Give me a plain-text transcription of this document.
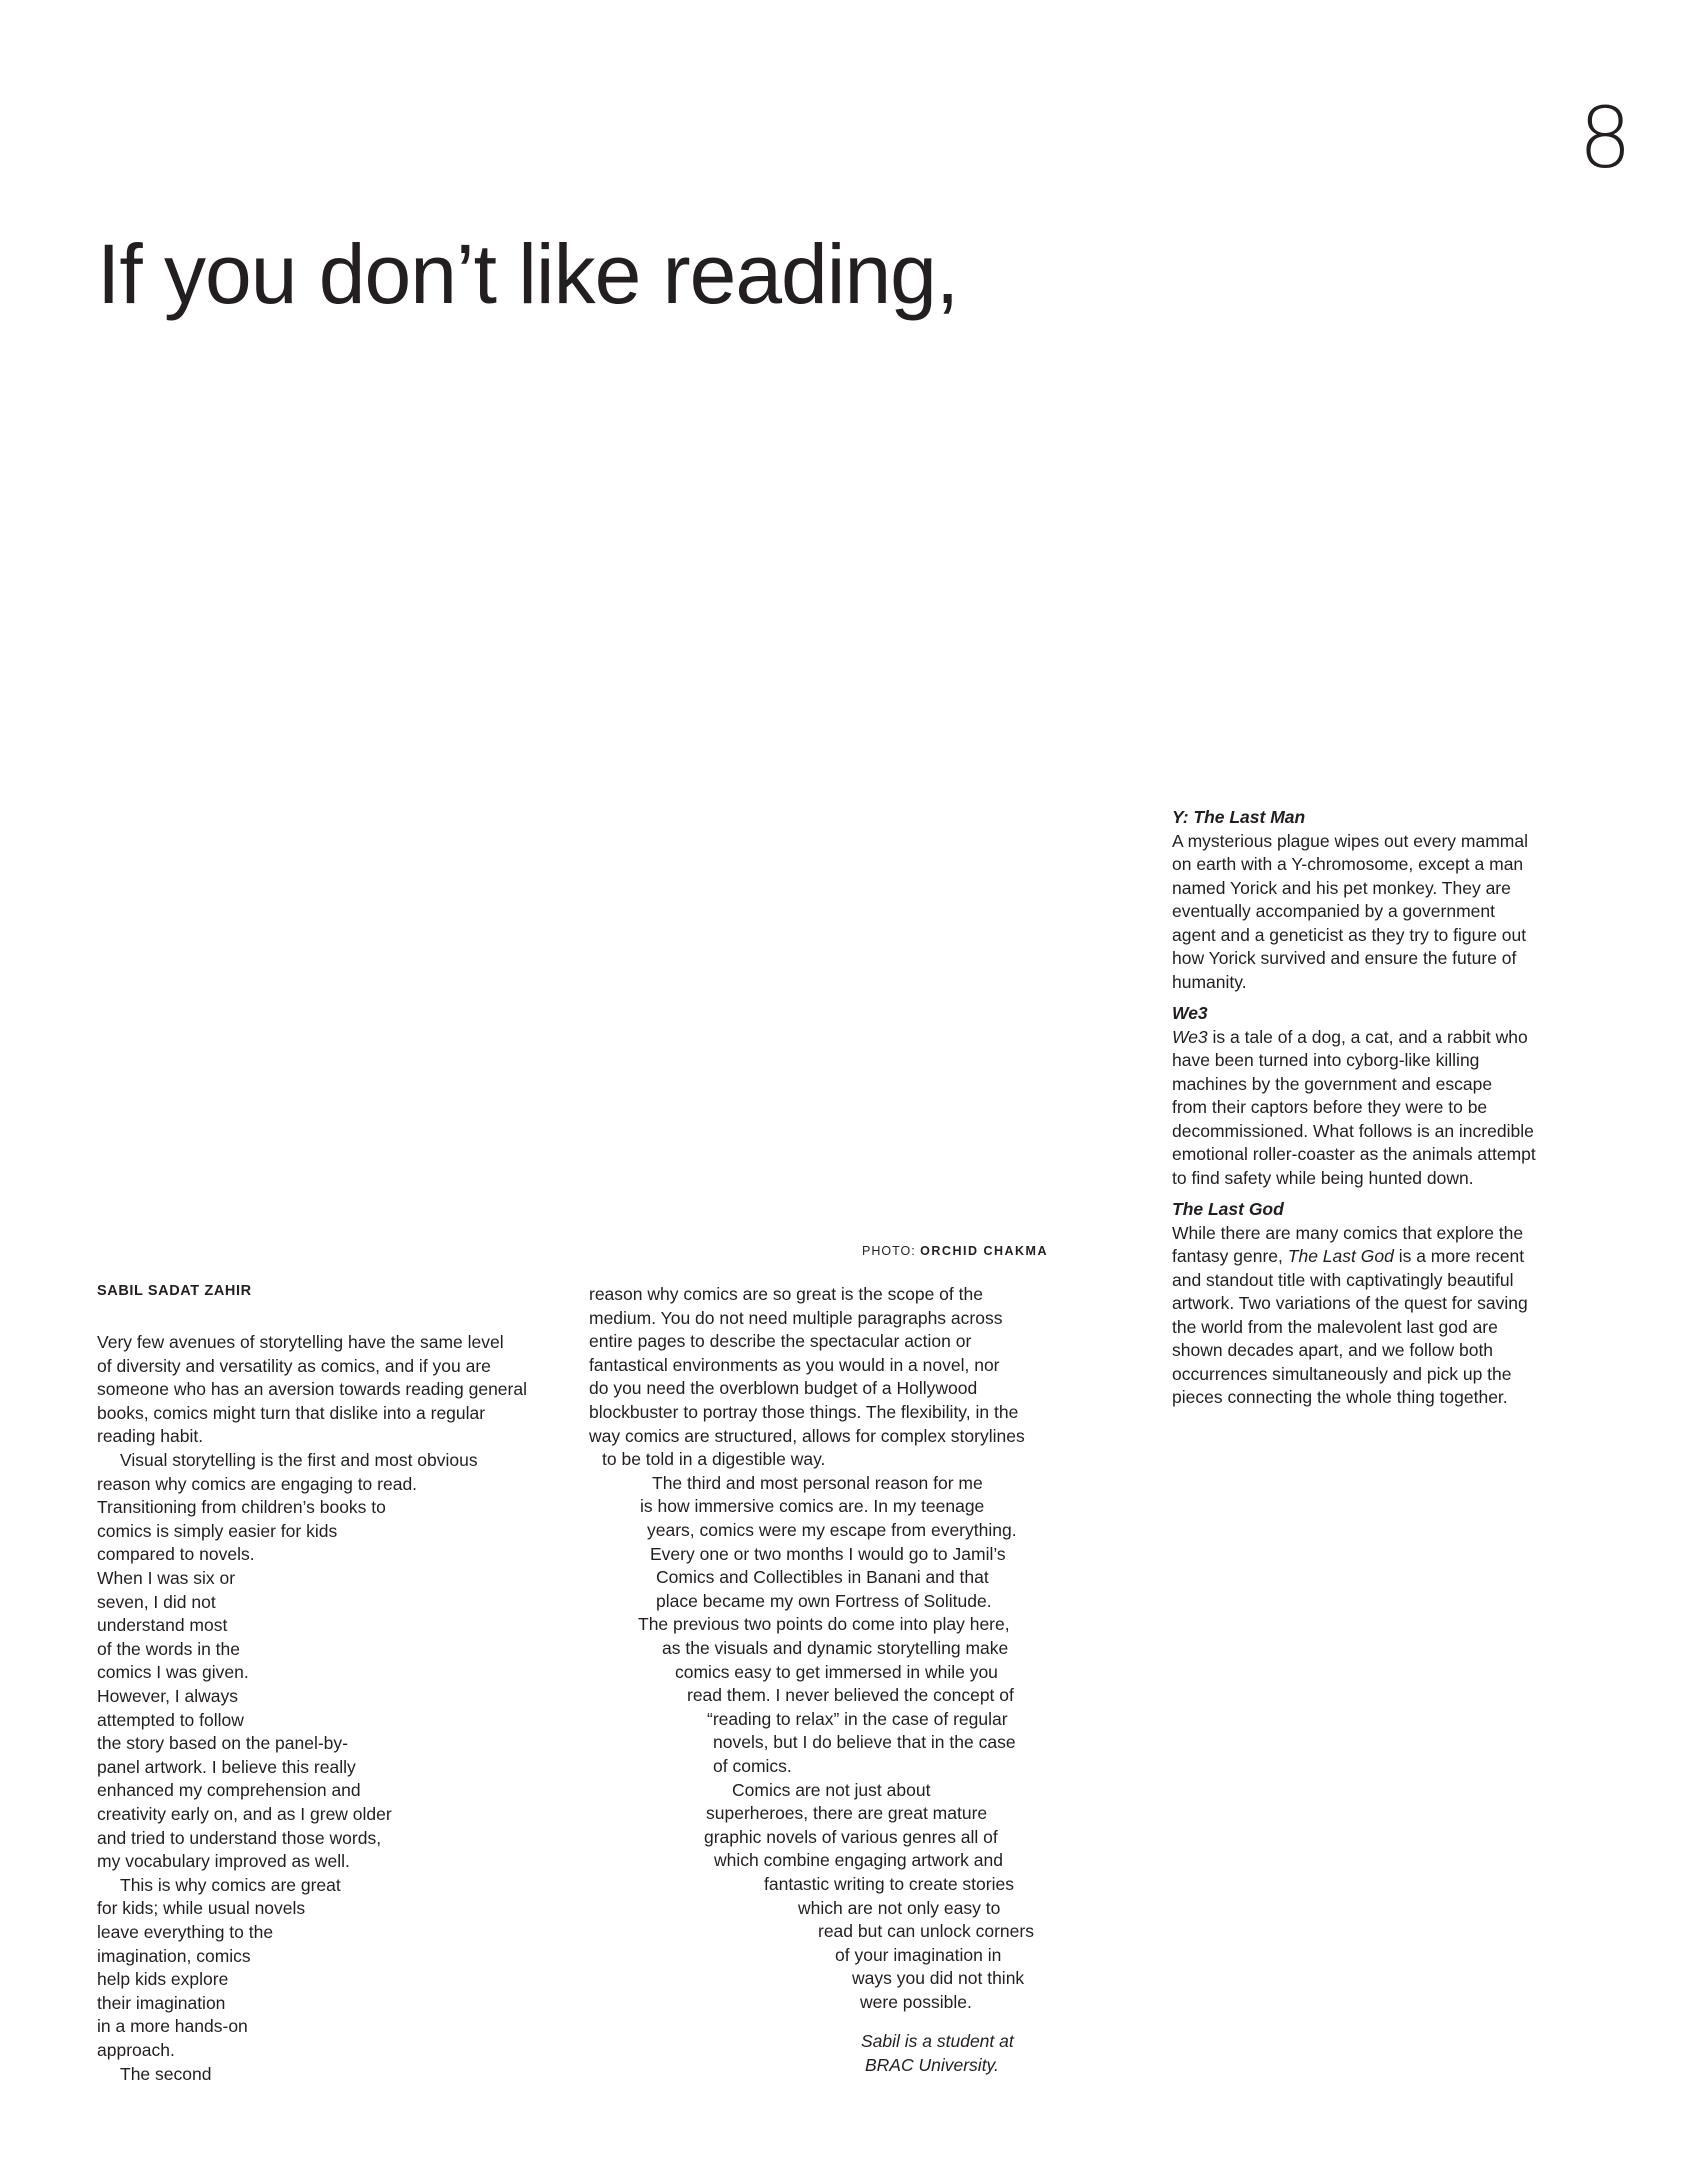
8
If you don’t like reading,
PHOTO: ORCHID CHAKMA
SABIL SADAT ZAHIR
Very few avenues of storytelling have the same level
of diversity and versatility as comics, and if you are
someone who has an aversion towards reading general
books, comics might turn that dislike into a regular
reading habit.
Visual storytelling is the first and most obvious
reason why comics are engaging to read.
Transitioning from children’s books to
comics is simply easier for kids
compared to novels.
When I was six or
seven, I did not
understand most
of the words in the
comics I was given.
However, I always
attempted to follow
the story based on the panel-by-
panel artwork. I believe this really
enhanced my comprehension and
creativity early on, and as I grew older
and tried to understand those words,
my vocabulary improved as well.
This is why comics are great
for kids; while usual novels
leave everything to the
imagination, comics
help kids explore
their imagination
in a more hands-on
approach.
The second
reason why comics are so great is the scope of the
medium. You do not need multiple paragraphs across
entire pages to describe the spectacular action or
fantastical environments as you would in a novel, nor
do you need the overblown budget of a Hollywood
blockbuster to portray those things. The flexibility, in the
way comics are structured, allows for complex storylines
to be told in a digestible way.
The third and most personal reason for me
is how immersive comics are. In my teenage
years, comics were my escape from everything.
Every one or two months I would go to Jamil’s
Comics and Collectibles in Banani and that
place became my own Fortress of Solitude.
The previous two points do come into play here,
as the visuals and dynamic storytelling make
comics easy to get immersed in while you
read them. I never believed the concept of
“reading to relax” in the case of regular
novels, but I do believe that in the case
of comics.
Comics are not just about
superheroes, there are great mature
graphic novels of various genres all of
which combine engaging artwork and
fantastic writing to create stories
which are not only easy to
read but can unlock corners
of your imagination in
ways you did not think
were possible.
Sabil is a student at
BRAC University.
Y: The Last Man
A mysterious plague wipes out every mammal
on earth with a Y-chromosome, except a man
named Yorick and his pet monkey. They are
eventually accompanied by a government
agent and a geneticist as they try to figure out
how Yorick survived and ensure the future of
humanity.
We3
We3 is a tale of a dog, a cat, and a rabbit who
have been turned into cyborg-like killing
machines by the government and escape
from their captors before they were to be
decommissioned. What follows is an incredible
emotional roller-coaster as the animals attempt
to find safety while being hunted down.
The Last God
While there are many comics that explore the
fantasy genre, The Last God is a more recent
and standout title with captivatingly beautiful
artwork. Two variations of the quest for saving
the world from the malevolent last god are
shown decades apart, and we follow both
occurrences simultaneously and pick up the
pieces connecting the whole thing together.
